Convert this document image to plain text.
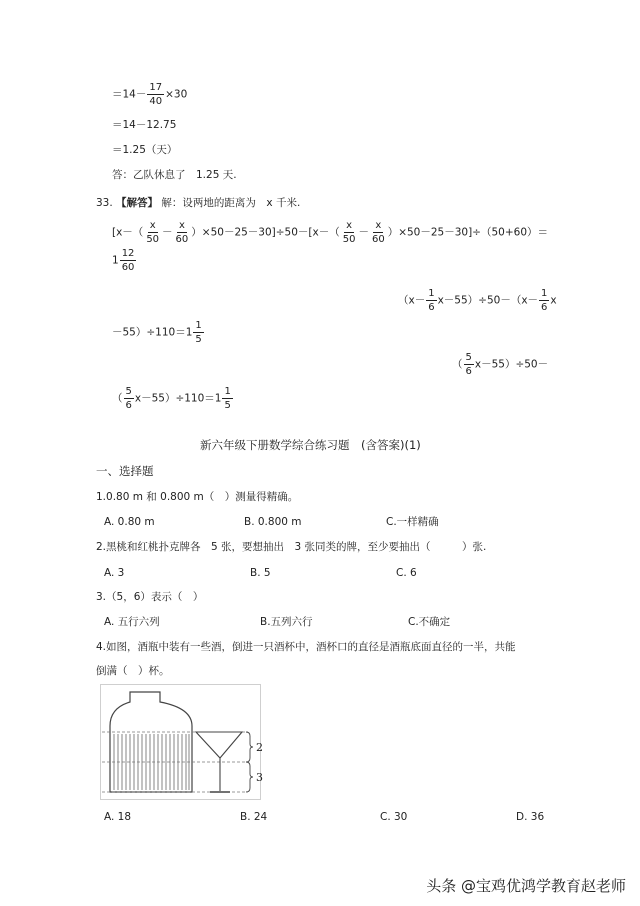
$=14- \frac{17}{40} \times 30$
＝14－12.75
＝1.25（天）
答：乙队休息了　1.25 天.
33. 【解答】 解：设两地的距离为　x 千米.
$[x-( \frac{x}{50} - \frac{x}{60} )\times 50-25-30]\div 50-[x-( \frac{x}{50} - \frac{x}{60} )\times 50-25-30]\div(50+60)=$
$1 \frac{12}{60}$
$(x- \frac{1}{6} x-55)\div 50-(x- \frac{1}{6}$ x
$-55)\div 110=1 \frac{1}{5}$
（ $\frac{5}{6} x-55)\div 50-$
（ $\frac{5}{6} x-55)\div 110=1 \frac{1}{5}$
新六年级下册数学综合练习题　(含答案)(1)
一、选择题
1.0.80 m 和 0.800 m（　）测量得精确。
A. 0.80 m	B. 0.800 m	C.一样精确
2.黑桃和红桃扑克牌各　5 张，要想抽出　3 张同类的牌，至少要抽出（　　　）张.
A. 3	B. 5	C. 6
3.（5，6）表示（　）
A. 五行六列	B.五列六行	C.不确定
4.如图，酒瓶中装有一些酒，倒进一只酒杯中，酒杯口的直径是酒瓶底面直径的一半，共能
倒满（　）杯。
2
3
A. 18	B. 24	C. 30	D. 36
头条 @宝鸡优鸿学教育赵老师
